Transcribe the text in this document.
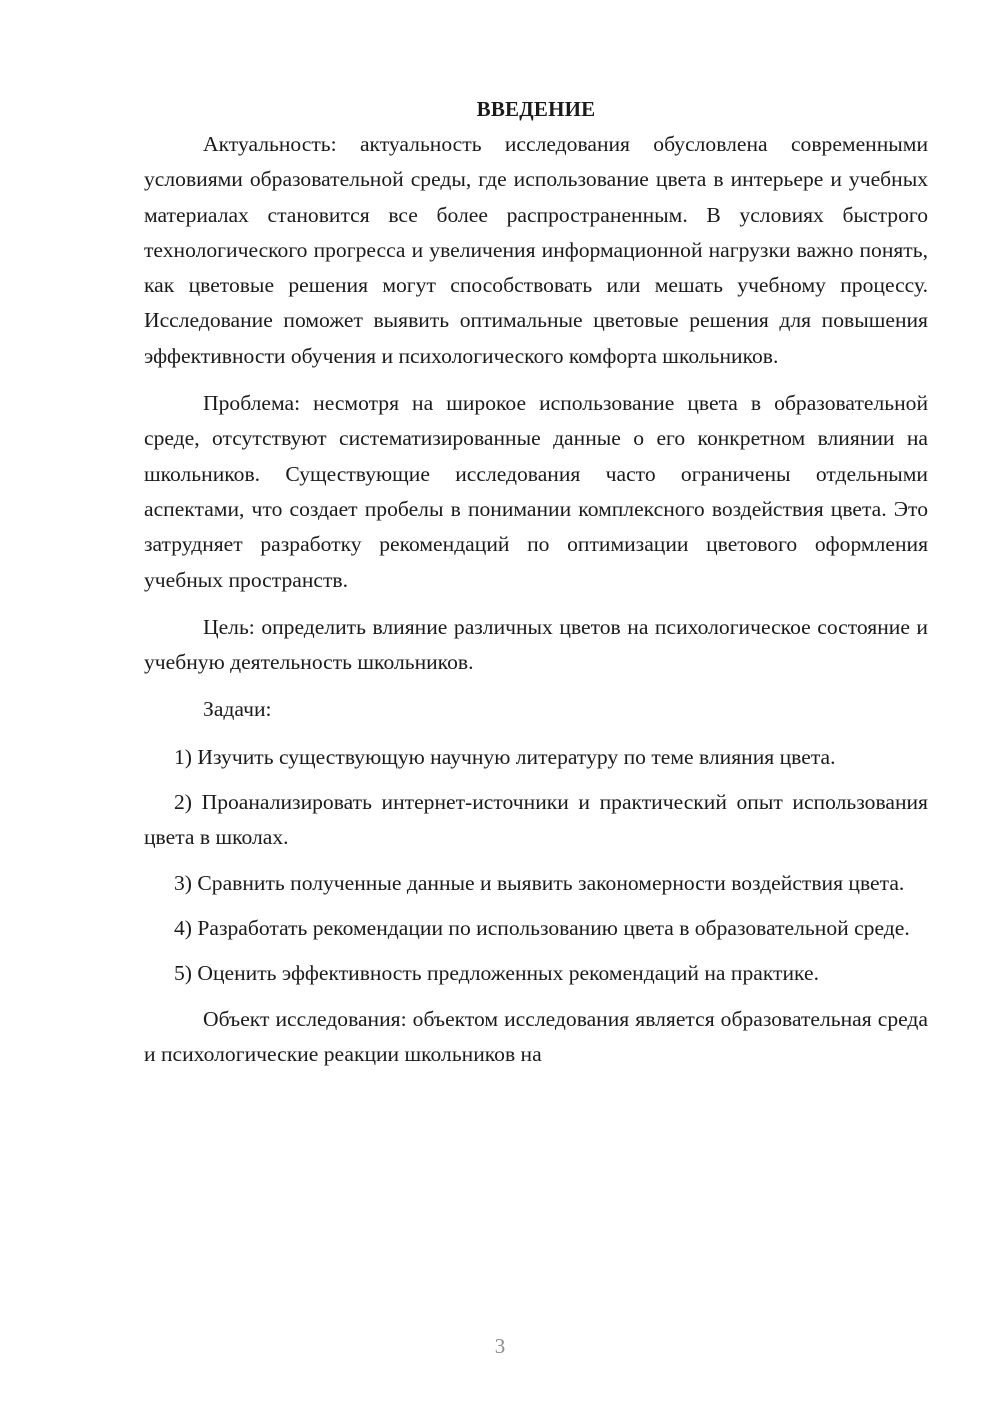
ВВЕДЕНИЕ

Актуальность: актуальность исследования обусловлена современными условиями образовательной среды, где использование цвета в интерьере и учебных материалах становится все более распространенным. В условиях быстрого технологического прогресса и увеличения информационной нагрузки важно понять, как цветовые решения могут способствовать или мешать учебному процессу. Исследование поможет выявить оптимальные цветовые решения для повышения эффективности обучения и психологического комфорта школьников.

Проблема: несмотря на широкое использование цвета в образовательной среде, отсутствуют систематизированные данные о его конкретном влиянии на школьников. Существующие исследования часто ограничены отдельными аспектами, что создает пробелы в понимании комплексного воздействия цвета. Это затрудняет разработку рекомендаций по оптимизации цветового оформления учебных пространств.

Цель: определить влияние различных цветов на психологическое состояние и учебную деятельность школьников.

Задачи:

1) Изучить существующую научную литературу по теме влияния цвета.

2) Проанализировать интернет-источники и практический опыт использования цвета в школах.

3) Сравнить полученные данные и выявить закономерности воздействия цвета.

4) Разработать рекомендации по использованию цвета в образовательной среде.

5) Оценить эффективность предложенных рекомендаций на практике.

Объект исследования: объектом исследования является образовательная среда и психологические реакции школьников на

3
